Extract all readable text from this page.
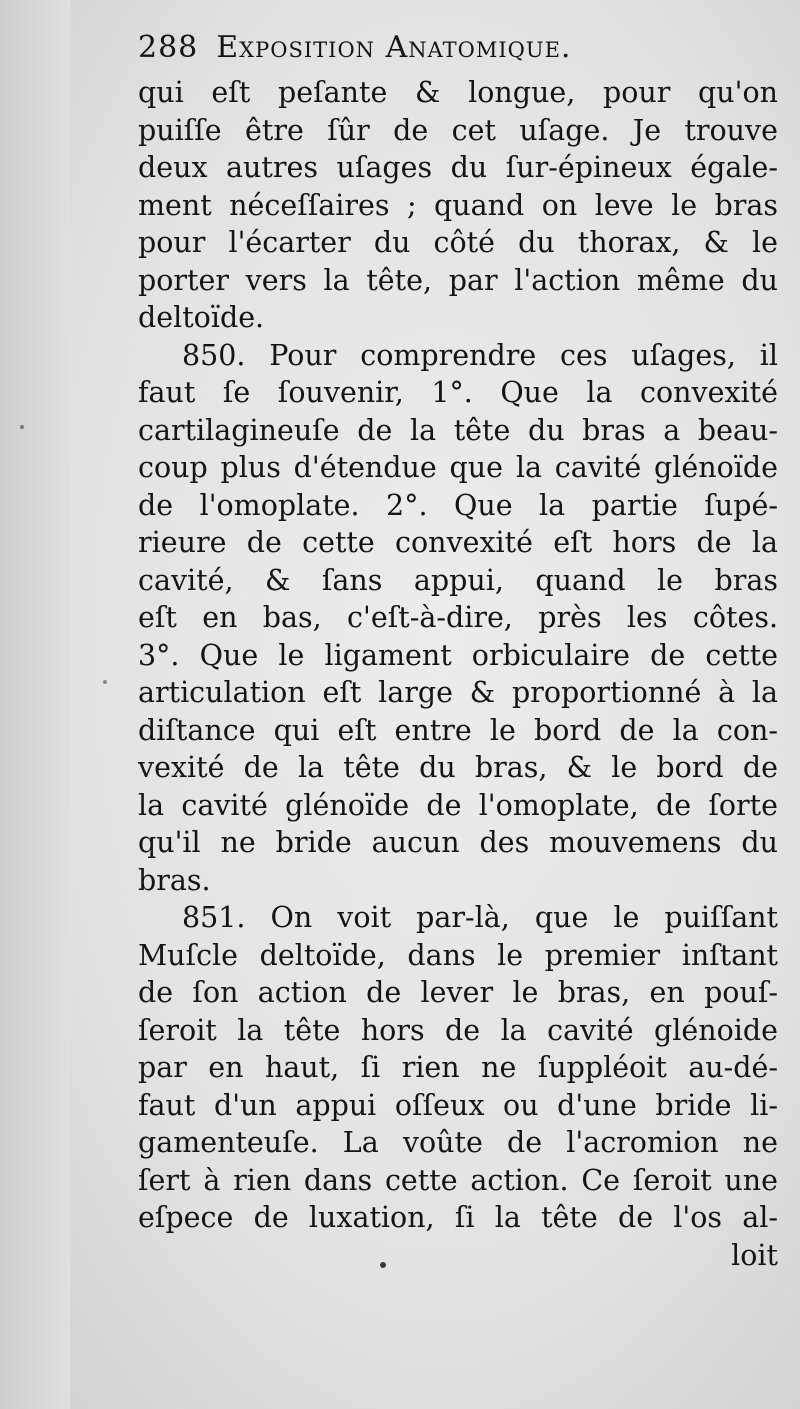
288 Exposition Anatomique.
qui eſt peſante & longue, pour qu'on
puiſſe être ſûr de cet uſage. Je trouve
deux autres uſages du ſur-épineux égale-
ment néceſſaires ; quand on leve le bras
pour l'écarter du côté du thorax, & le
porter vers la tête, par l'action même du
deltoïde.
850. Pour comprendre ces uſages, il
faut ſe ſouvenir, 1°. Que la convexité
cartilagineuſe de la tête du bras a beau-
coup plus d'étendue que la cavité glénoïde
de l'omoplate. 2°. Que la partie ſupé-
rieure de cette convexité eſt hors de la
cavité, & ſans appui, quand le bras
eſt en bas, c'eſt-à-dire, près les côtes.
3°. Que le ligament orbiculaire de cette
articulation eſt large & proportionné à la
diſtance qui eſt entre le bord de la con-
vexité de la tête du bras, & le bord de
la cavité glénoïde de l'omoplate, de ſorte
qu'il ne bride aucun des mouvemens du
bras.
851. On voit par-là, que le puiſſant
Muſcle deltoïde, dans le premier inſtant
de ſon action de lever le bras, en pouſ-
ſeroit la tête hors de la cavité glénoide
par en haut, ſi rien ne ſuppléoit au-dé-
faut d'un appui oſſeux ou d'une bride li-
gamenteuſe. La voûte de l'acromion ne
ſert à rien dans cette action. Ce ſeroit une
eſpece de luxation, ſi la tête de l'os al-
loit
